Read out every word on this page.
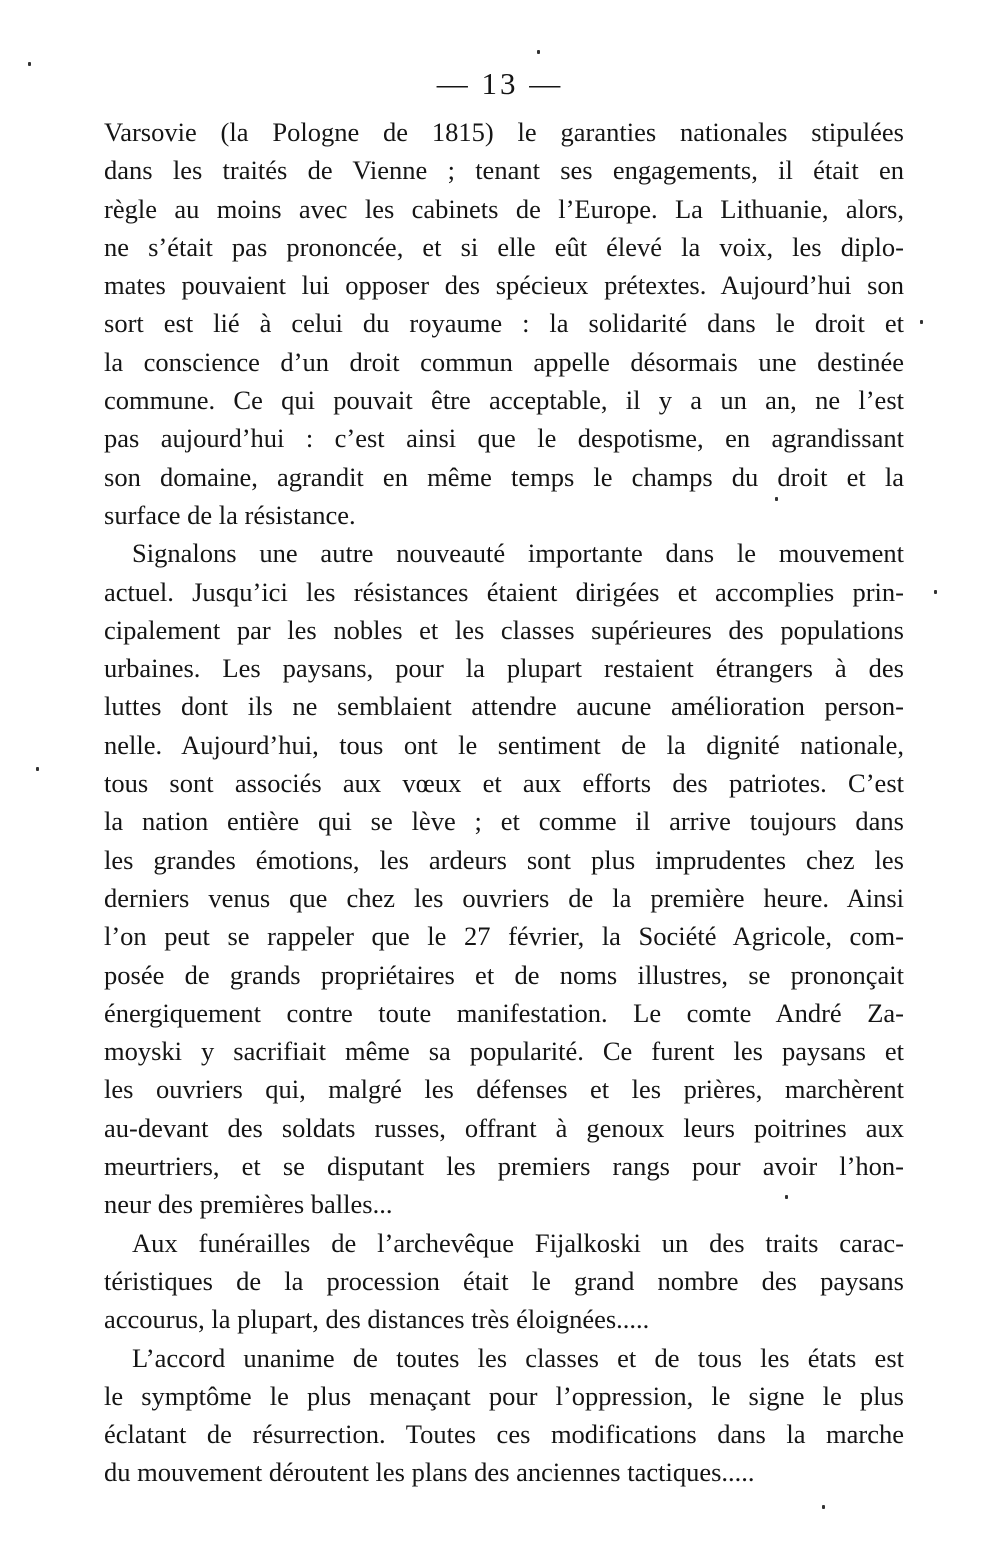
— 13 —
Varsovie (la Pologne de 1815) le garanties nationales stipulées
dans les traités de Vienne ; tenant ses engagements, il était en
règle au moins avec les cabinets de l’Europe. La Lithuanie, alors,
ne s’était pas prononcée, et si elle eût élevé la voix, les diplo-
mates pouvaient lui opposer des spécieux prétextes. Aujourd’hui son
sort est lié à celui du royaume : la solidarité dans le droit et
la conscience d’un droit commun appelle désormais une destinée
commune. Ce qui pouvait être acceptable, il y a un an, ne l’est
pas aujourd’hui : c’est ainsi que le despotisme, en agrandissant
son domaine, agrandit en même temps le champs du droit et la
surface de la résistance.
Signalons une autre nouveauté importante dans le mouvement
actuel. Jusqu’ici les résistances étaient dirigées et accomplies prin-
cipalement par les nobles et les classes supérieures des populations
urbaines. Les paysans, pour la plupart restaient étrangers à des
luttes dont ils ne semblaient attendre aucune amélioration person-
nelle. Aujourd’hui, tous ont le sentiment de la dignité nationale,
tous sont associés aux vœux et aux efforts des patriotes. C’est
la nation entière qui se lève ; et comme il arrive toujours dans
les grandes émotions, les ardeurs sont plus imprudentes chez les
derniers venus que chez les ouvriers de la première heure. Ainsi
l’on peut se rappeler que le 27 février, la Société Agricole, com-
posée de grands propriétaires et de noms illustres, se prononçait
énergiquement contre toute manifestation. Le comte André Za-
moyski y sacrifiait même sa popularité. Ce furent les paysans et
les ouvriers qui, malgré les défenses et les prières, marchèrent
au-devant des soldats russes, offrant à genoux leurs poitrines aux
meurtriers, et se disputant les premiers rangs pour avoir l’hon-
neur des premières balles...
Aux funérailles de l’archevêque Fijalkoski un des traits carac-
téristiques de la procession était le grand nombre des paysans
accourus, la plupart, des distances très éloignées.....
L’accord unanime de toutes les classes et de tous les états est
le symptôme le plus menaçant pour l’oppression, le signe le plus
éclatant de résurrection. Toutes ces modifications dans la marche
du mouvement déroutent les plans des anciennes tactiques.....
